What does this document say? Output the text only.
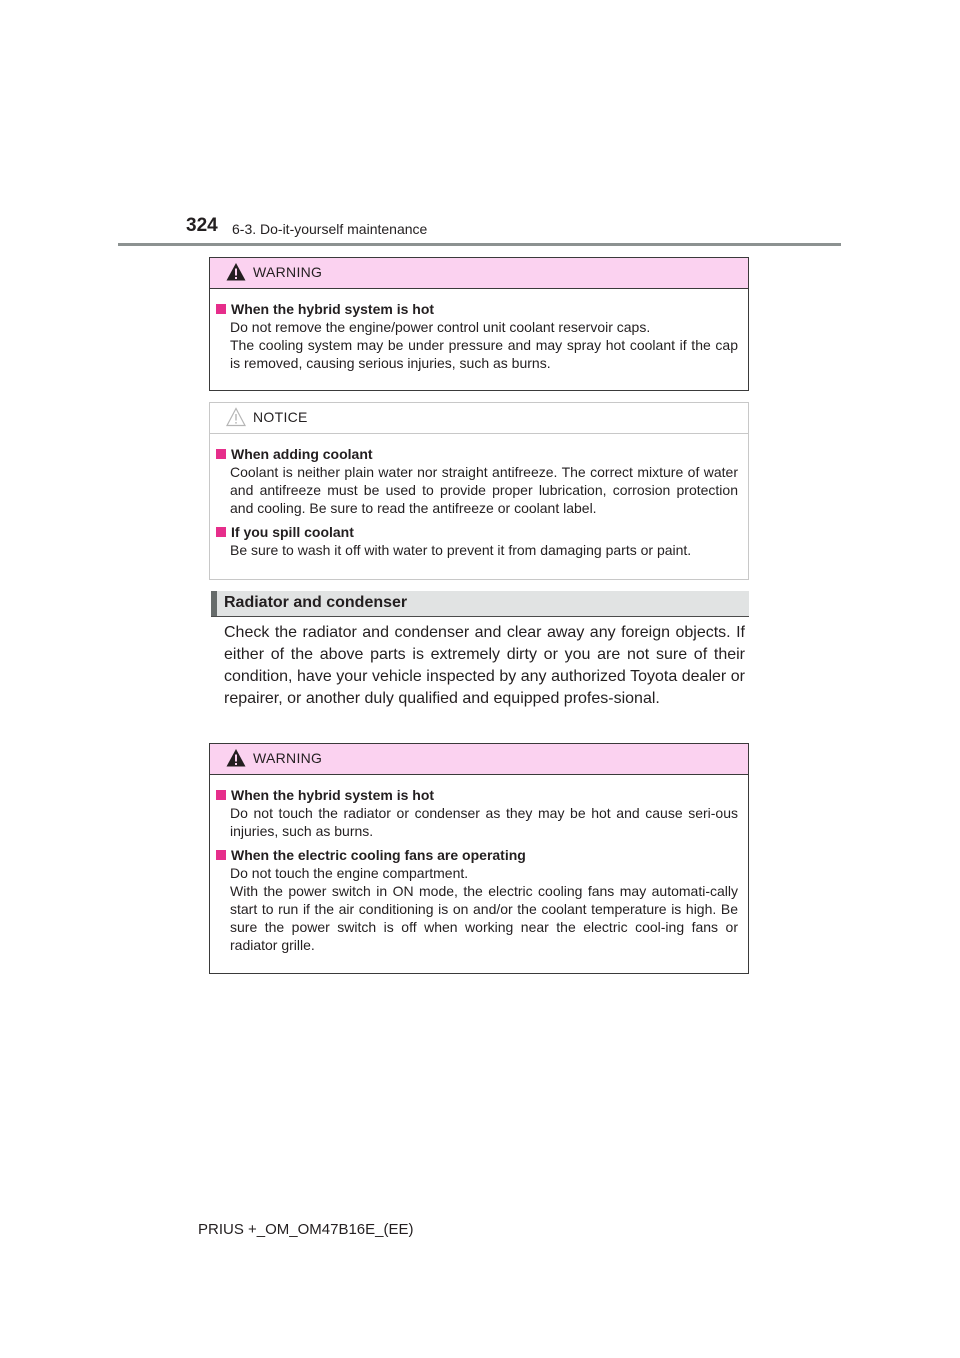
324 6-3. Do-it-yourself maintenance
WARNING
When the hybrid system is hot

Do not remove the engine/power control unit coolant reservoir caps.

The cooling system may be under pressure and may spray hot coolant if the cap is removed, causing serious injuries, such as burns.

NOTICE
When adding coolant

Coolant is neither plain water nor straight antifreeze. The correct mixture of water and antifreeze must be used to provide proper lubrication, corrosion protection and cooling. Be sure to read the antifreeze or coolant label.

If you spill coolant

Be sure to wash it off with water to prevent it from damaging parts or paint.

Radiator and condenser
Check the radiator and condenser and clear away any foreign objects. If either of the above parts is extremely dirty or you are not sure of their condition, have your vehicle inspected by any authorized Toyota dealer or repairer, or another duly qualified and equipped profes-sional.
WARNING
When the hybrid system is hot

Do not touch the radiator or condenser as they may be hot and cause seri-ous injuries, such as burns.

When the electric cooling fans are operating

Do not touch the engine compartment.

With the power switch in ON mode, the electric cooling fans may automati-cally start to run if the air conditioning is on and/or the coolant temperature is high. Be sure the power switch is off when working near the electric cool-ing fans or radiator grille.

PRIUS +_OM_OM47B16E_(EE)
